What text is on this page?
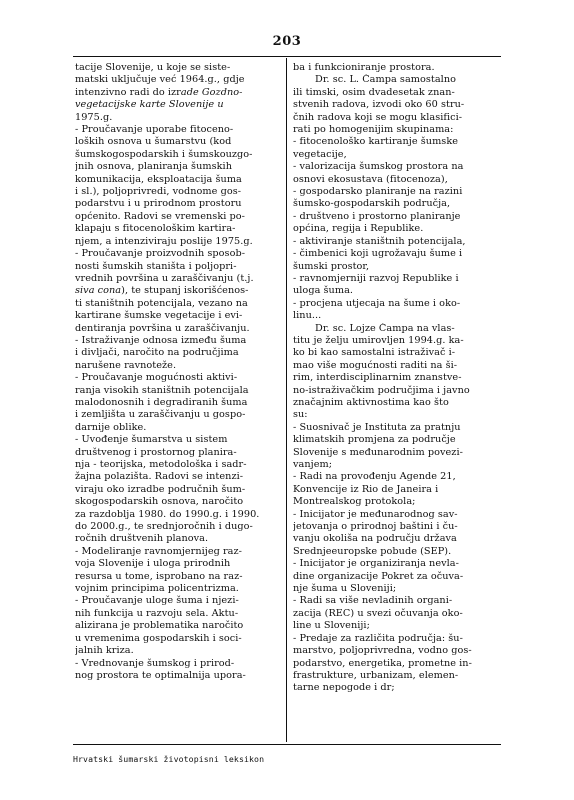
203
tacije Slovenije, u koje se siste-
matski uključuje već 1964.g., gdje
intenzivno radi do izrade Gozdno-
vegetacijske karte Slovenije u
1975.g.
- Proučavanje uporabe fitoceno-
loških osnova u šumarstvu (kod
šumskogospodarskih i šumskouzgo-
jnih osnova, planiranja šumskih
komunikacija, eksploatacija šuma
i sl.), poljoprivredi, vodnome gos-
podarstvu i u prirodnom prostoru
općenito. Radovi se vremenski po-
klapaju s fitocenološkim kartira-
njem, a intenziviraju poslije 1975.g.
- Proučavanje proizvodnih sposob-
nosti šumskih staništa i poljopri-
vrednih površina u zaraščivanju (t.j.
siva cona), te stupanj iskorišćenos-
ti staništnih potencijala, vezano na
kartirane šumske vegetacije i evi-
dentiranja površina u zaraščivanju.
- Istraživanje odnosa između šuma
i divljači, naročito na područjima
narušene ravnoteže.
- Proučavanje mogućnosti aktivi-
ranja visokih staništnih potencijala
malodonosnih i degradiranih šuma
i zemljišta u zaraščivanju u gospo-
darnije oblike.
- Uvođenje šumarstva u sistem
društvenog i prostornog planira-
nja - teorijska, metodološka i sadr-
žajna polazišta. Radovi se intenzi-
viraju oko izradbe područnih šum-
skogospodarskih osnova, naročito
za razdoblja 1980. do 1990.g. i 1990.
do 2000.g., te srednjoročnih i dugo-
ročnih društvenih planova.
- Modeliranje ravnomjernijeg raz-
voja Slovenije i uloga prirodnih
resursa u tome, isprobano na raz-
vojnim principima policentrizma.
- Proučavanje uloge šuma i njezi-
nih funkcija u razvoju sela. Aktu-
alizirana je problematika naročito
u vremenima gospodarskih i soci-
jalnih kriza.
- Vrednovanje šumskog i prirod-
nog prostora te optimalnija upora-
ba i funkcioniranje prostora.
Dr. sc. L. Čampa samostalno
ili timski, osim dvadesetak znan-
stvenih radova, izvodi oko 60 stru-
čnih radova koji se mogu klasifici-
rati po homogenijim skupinama:
- fitocenološko kartiranje šumske
vegetacije,
- valorizacija šumskog prostora na
osnovi ekosustava (fitocenoza),
- gospodarsko planiranje na razini
šumsko-gospodarskih područja,
- društveno i prostorno planiranje
općina, regija i Republike.
- aktiviranje staništnih potencijala,
- čimbenici koji ugrožavaju šume i
šumski prostor,
- ravnomjerniji razvoj Republike i
uloga šuma.
- procjena utjecaja na šume i oko-
linu...
Dr. sc. Lojze Čampa na vlas-
titu je želju umirovljen 1994.g. ka-
ko bi kao samostalni istraživač i-
mao više mogućnosti raditi na ši-
rim, interdisciplinarnim znanstve-
no-istraživačkim područjima i javno
značajnim aktivnostima kao što
su:
- Suosnivač je Instituta za pratnju
klimatskih promjena za područje
Slovenije s međunarodnim povezi-
vanjem;
- Radi na provođenju Agende 21,
Konvencije iz Rio de Janeira i
Montrealskog protokola;
- Inicijator je međunarodnog sav-
jetovanja o prirodnoj baštini i ču-
vanju okoliša na području država
Srednjeeuropske pobude (SEP).
- Inicijator je organiziranja nevla-
dine organizacije Pokret za očuva-
nje šuma u Sloveniji;
- Radi sa više nevladinih organi-
zacija (REC) u svezi očuvanja oko-
line u Sloveniji;
- Predaje za različita područja: šu-
marstvo, poljoprivredna, vodno gos-
podarstvo, energetika, prometne in-
frastrukture, urbanizam, elemen-
tarne nepogode i dr;
Hrvatski šumarski životopisni leksikon
